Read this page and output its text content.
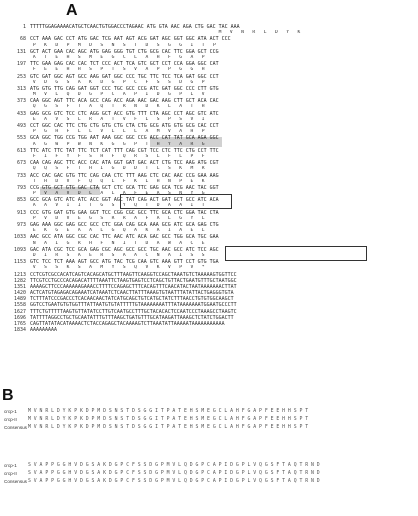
A
1 TTTTTGGAGAAAACATGCTCAACTGTGGACCCTAGAAC ATG GTA AAC AGA CTG GAC TAC AAA
M   V   N   R   L   D   Y   K
68 CCT AAA GAC CCT ATG GAC TCG AAT AGT ACG GAT AGC GGT GGC ATA ACT CCC
P   K   D   P   M   D   S   N   S   T   D   S   G   G   I   T   P
131 GCT ACT GAA CAC AGC ATG GAG GGG TGT CTG GCG CAC TTC GGA GCT CCG
A   T   E   H   S   M   E   G   C   L   A   H   F   G   A   P
197 TTC GAA GAG CAC CAC TCT CCC ACT TCA GTC GCT CCT CCA GGA GGC CAT
F   E   E   H   H   S   P   T   S   V   A   P   P   G   G   H
253 GTC GAT GGC AGT GCC AAG GAT GGC CCC TGC TTC TCC TCA GAT GGC CCT
V   D   G   S   A   K   D   G   P   C   F   S   S   D   G   P
313 ATG GTG TTG CAG GAT GGT CCC TGC GCC CCG ATC GAT GGC CCC CTT GTG
M   V   L   Q   D   G   P   C   A   P   I   D   G   P   L   V
373 CAA GGC AGT TTC ACA GCC CAG ACC AGA AAC GAC AAG CTT GCT ACA CAC
Q   G   S   F   T   A   Q   T   R   N   D   K   L   A   T   H
433 GAG GCG GTC TCC CTC AGG GCT ACC GTG TTT CTA AGC CCT AGC GTC ATC
E   A   V   S   L   R   A   T   V   F   L   S   P   S   V   I
493 CCT GGC CAC TTC CTG CTG GTG CTG CTA CTG GCG ATG GTG GCG CAC CCT
P   G   H   F   L   L   V   L   L   L   A   M   V   A   H   P
553 GCA GGC TGG CCG TGG AAT AAA GGC GGC CCG ACC CAT TAT GCA AGA GGC
A   G   W   P   W   N   K   G   G   P   T   H   Y   A   R   G
613 TTC ATC TTC TAT TTC TCT CAT TTT CAG CGT TCC CTC TTC CTG CCT TTC
F   I   F   Y   F   S   H   F   Q   R   S   L   F   L   P   F
673 CAA CAG AGC TTC ACC CAC ATA GGT GAT GAC ACT CTG TCC AAG ATG CGT
Q   Q   S   F   T   H   I   G   D   D   T   L   S   K   M   R
733 ACC CAC GAC GTG TTC CAG CAA CTC TTT AAG CTC CAC AAC CCG GAA AAG
T   H   D   V   F   Q   Q   L   F   K   L   H   N   P   E   K
793 CCG GTG GCT GTG GAC CTA GCT CTC GCA TTC GAG GCA TCG AAC TAC GGT
P   V   A   V   D   L   A   L   A   F   E   A   S   N   Y   G
853 GCC GCA GTC ATC ATC ACC GGT AGC TAT CAG ACT GAT GCT GCC ATC ACA
A   A   V   I   I   T   G   S   Y   Q   T   D   A   A   I   T
913 CCC GTG GAT GTG GAA GGT TCC CGG CGC GCC TTC GCA CTC GGA TAC CTA
P   V   D   V   E   G   S   R   R   A   F   A   L   G   Y   L
973 GAG AAA GGC GAG GCC GCC CTC GGA CAG GCA AAA GCG ATC GCA GAG CTG
E   K   G   E   A   A   L   G   Q   A   K   A   I   A   E   L
1033 AAC GCC ATA GGC CGC CAC TTC AAC ATC ACA GAC GCC TGG GCA TGC GAA
N   A   I   G   R   H   F   N   I   T   D   A   W   A   C   E
1093 GAC ATA CGC TCC GCA GAG CGC AGC GCC GCC TGC AAC GCC ATC TCC AGC
D   I   R   S   A   E   R   S   A   A   C   N   A   I   S   S
1153 GTC TCC TCT AAA AGT GCC ATG TAC TCG CAA GTC AAA GTT CCT GTG TGA
V   S   S   K   S   A   M   Y   S   Q   V   K   V   P   V   *
1213 CCTCGTCGCCACATCAGTCACAGCATGCTTTAAGTTCAAGGTCCAGCTAAATGTCTAAAAAGTGGTTCC
1282 TTCGTCCTGCCCACAGACATTTTAAATTCTAAGTGAGTCCTCAGCTGTTACTGAATGTTTGCTAATGGC
1351 AAAAGCTTCCCAAAAAAGAAACCTTTTCCAGAGCTTTCACAGTTTCAACATACTAATAAAAAAACTTAT
1420 ACTCATGTAGAGACAGAAATCATAAATCTCAACTTATTTAAAGTGTAATTTATATTACTGAGGGTGTA
1489 TCTTTATCCCGACCCTCACAACAACTATCATGCAGCTGTCATGCTATCTTTAACCTGTGTGGCAAGCT
1558 GGTCCTGAATGTGTGGTTTATTAATGTGTATTTTTGTAAAAAAAATTTATAAAAAAATGGAATGCCCTT
1627 TTTCTGTTTTTAAGTGTTATATCCTTGTCAATGCCTTTGCTACACACTCCAATCCCTAAAGCCTAAGTC
1696 TATTTTAGGCCTGCTGCAATATTTGTTTAAGCTGATGTTTGCATAAGATTAAAGCTCTATCTGGACTT
1765 CAGTTATATACATAAAACTCTACCAGAGCTACAAAAGTCTTAAATATTAAAAATAAAAAAAAAAA
1834 AAAAAAAAA
B
crcp-1	M V N R L D Y K P K D P M D S N S T D S G G I T P A T E H S M E G C L A H F G A P F E E H H S P T
crcp-II	M V N R L D Y K P K D P M D S N S T D S G G I T P A T E H S M E G C L A H F G A P F E E H H S P T
Consensus M V N R L D Y K P K D P M D S N S T D S G G I T P A T E H S M E G C L A H F G A P F E E H H S P T
crcp-1	S V A P P G G H V D G S A K D G P C F S S D G P M V L Q D G P C A P I D G P L V Q G S F T A Q T R N D
crcp-II	S V A P P G G H V D G S A K D G P C F S S D G P M V L Q D G P C A P I D G P L V Q G S F T A Q T R N D
Consensus S V A P P G G H V D G S A K D G P C F S S D G P M V L Q D G P C A P I D G P L V Q G S F T A Q T R N D
